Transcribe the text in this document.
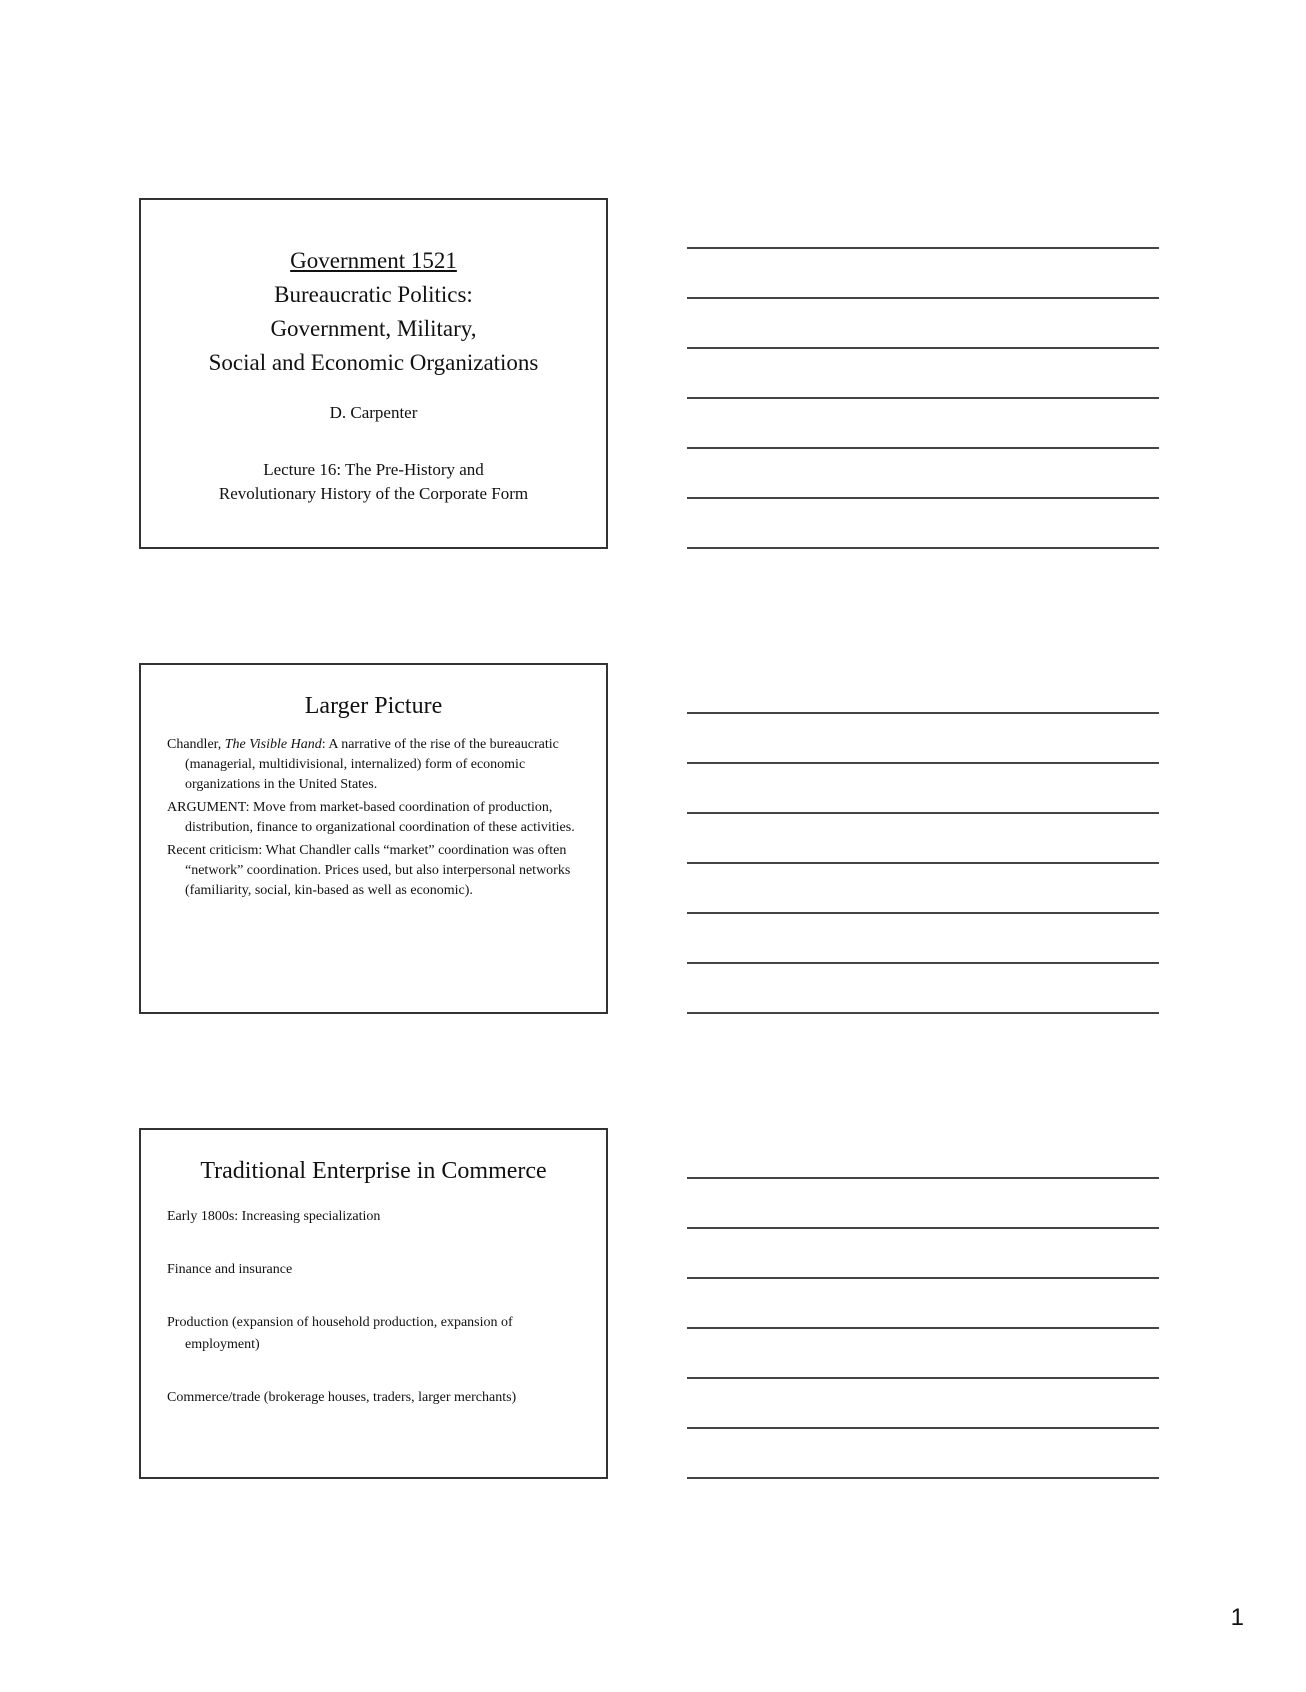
Government 1521
Bureaucratic Politics:
Government, Military,
Social and Economic Organizations
D. Carpenter
Lecture 16: The Pre-History and
Revolutionary History of the Corporate Form
Larger Picture
Chandler, The Visible Hand: A narrative of the rise of the bureaucratic (managerial, multidivisional, internalized) form of economic organizations in the United States.
ARGUMENT: Move from market-based coordination of production, distribution, finance to organizational coordination of these activities.
Recent criticism: What Chandler calls “market” coordination was often “network” coordination. Prices used, but also interpersonal networks (familiarity, social, kin-based as well as economic).
Traditional Enterprise in Commerce
Early 1800s: Increasing specialization
Finance and insurance
Production (expansion of household production, expansion of employment)
Commerce/trade (brokerage houses, traders, larger merchants)
1
